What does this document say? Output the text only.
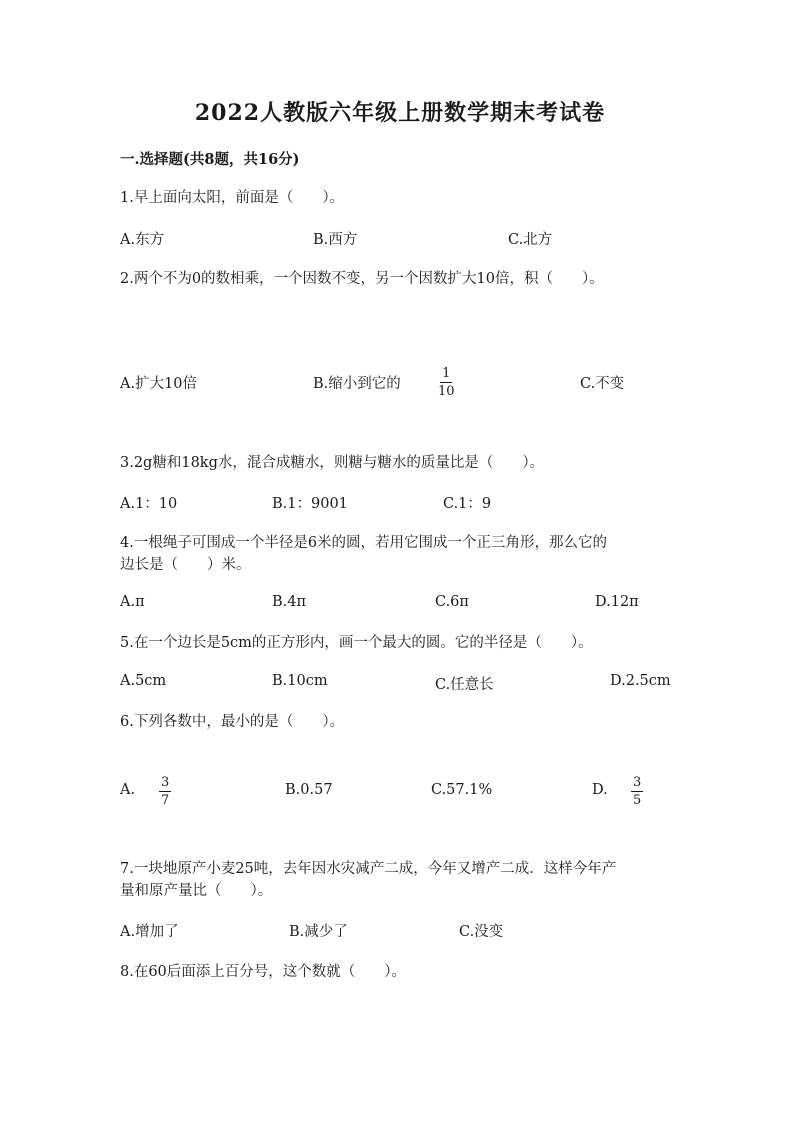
2022人教版六年级上册数学期末考试卷
一.选择题(共8题，共16分)
1.早上面向太阳，前面是（　　）。
A.东方	B.西方	C.北方
2.两个不为0的数相乘，一个因数不变，另一个因数扩大10倍，积（　　）。
A.扩大10倍	B.缩小到它的	$\frac{1}{10}$	C.不变
3.2g糖和18kg水，混合成糖水，则糖与糖水的质量比是（　　）。
A.1：10	B.1：9001	C.1：9
4.一根绳子可围成一个半径是6米的圆，若用它围成一个正三角形，那么它的
边长是（　　）米。
A.π	B.4π	C.6π	D.12π
5.在一个边长是5cm的正方形内，画一个最大的圆。它的半径是（　　）。
A.5cm	B.10cm	C.任意长	D.2.5cm
6.下列各数中，最小的是（　　）。
A. $\frac{3}{7}$	B.0.57	C.57.1%	D. $\frac{3}{5}$
7.一块地原产小麦25吨，去年因水灾减产二成，今年又增产二成．这样今年产
量和原产量比（　　）。
A.增加了	B.减少了	C.没变
8.在60后面添上百分号，这个数就（　　）。
